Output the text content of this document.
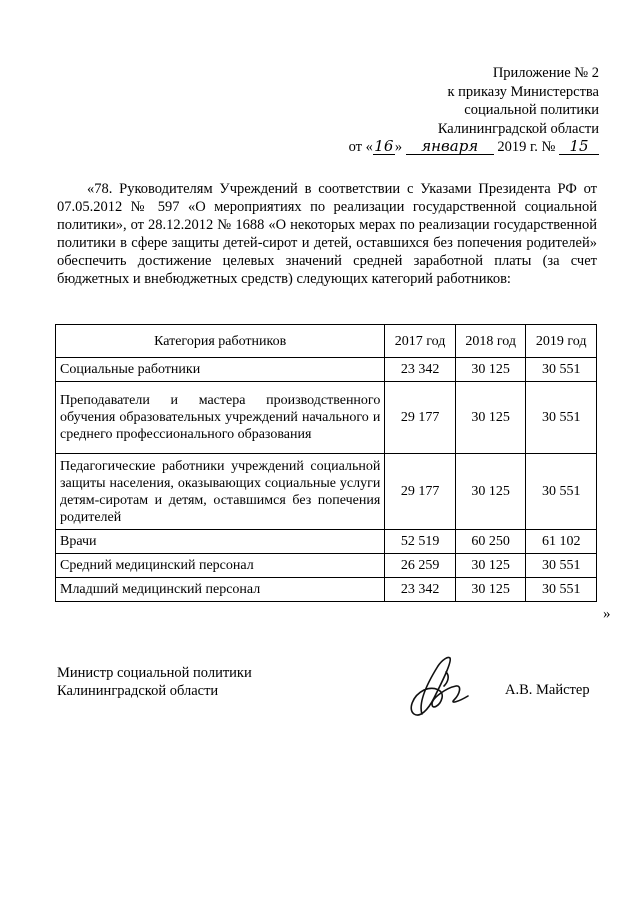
Приложение № 2
к приказу Министерства
социальной политики
Калининградской области
от «16» января 2019 г. № 15
«78. Руководителям Учреждений в соответствии с Указами Президента РФ от 07.05.2012 № 597 «О мероприятиях по реализации государственной социальной политики», от 28.12.2012 № 1688 «О некоторых мерах по реализации государственной политики в сфере защиты детей-сирот и детей, оставшихся без попечения родителей» обеспечить достижение целевых значений средней заработной платы (за счет бюджетных и внебюджетных средств) следующих категорий работников:
Категория работников	2017 год	2018 год	2019 год
Социальные работники	23 342	30 125	30 551
Преподаватели и мастера производственного обучения образовательных учреждений начального и среднего профессионального образования	29 177	30 125	30 551
Педагогические работники учреждений социальной защиты населения, оказывающих социальные услуги детям-сиротам и детям, оставшимся без попечения родителей	29 177	30 125	30 551
Врачи	52 519	60 250	61 102
Средний медицинский персонал	26 259	30 125	30 551
Младший медицинский персонал	23 342	30 125	30 551
»
Министр социальной политики
Калининградской области	А.В. Майстер
